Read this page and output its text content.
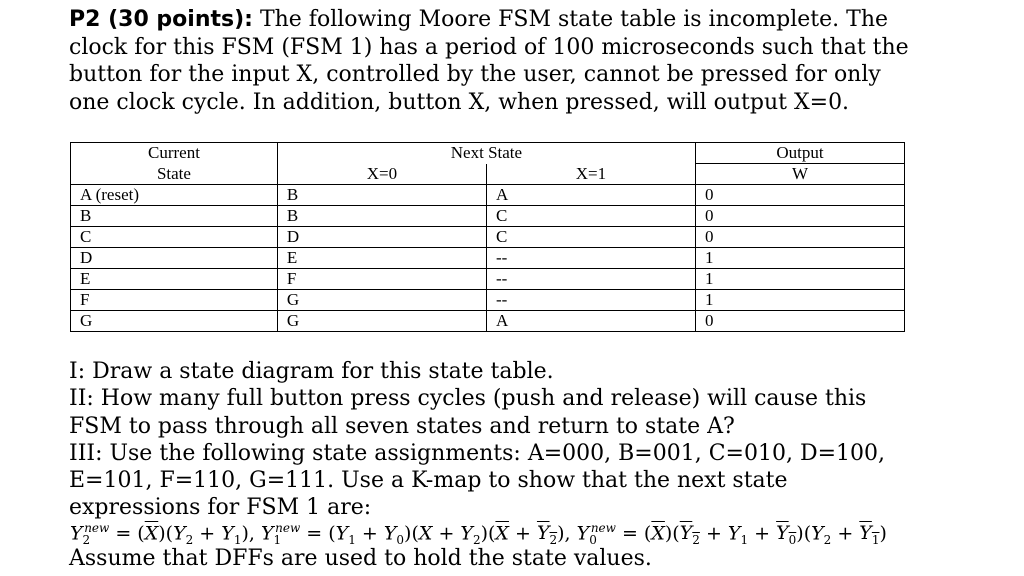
P2 (30 points): The following Moore FSM state table is incomplete. The
clock for this FSM (FSM 1) has a period of 100 microseconds such that the
button for the input X, controlled by the user, cannot be pressed for only
one clock cycle. In addition, button X, when pressed, will output X=0.
Current	Next State		Output
State	X=0	X=1	W
A (reset)	B	A	0
B	B	C	0
C	D	C	0
D	E	--	1
E	F	--	1
F	G	--	1
G	G	A	0
I: Draw a state diagram for this state table.
II: How many full button press cycles (push and release) will cause this
FSM to pass through all seven states and return to state A?
III: Use the following state assignments: A=000, B=001, C=010, D=100,
E=101, F=110, G=111. Use a K-map to show that the next state
expressions for FSM 1 are:
$Y_2^{new} = (\overline{X})(Y_2 + Y_1)$, $Y_1^{new} = (Y_1 + Y_0)(X + Y_2)(\overline{X} + Y_2)$, $Y_0^{new} = (\overline{X})(Y_2 + Y_1 + Y_0)(Y_2 + Y_1)$
Assume that DFFs are used to hold the state values.
